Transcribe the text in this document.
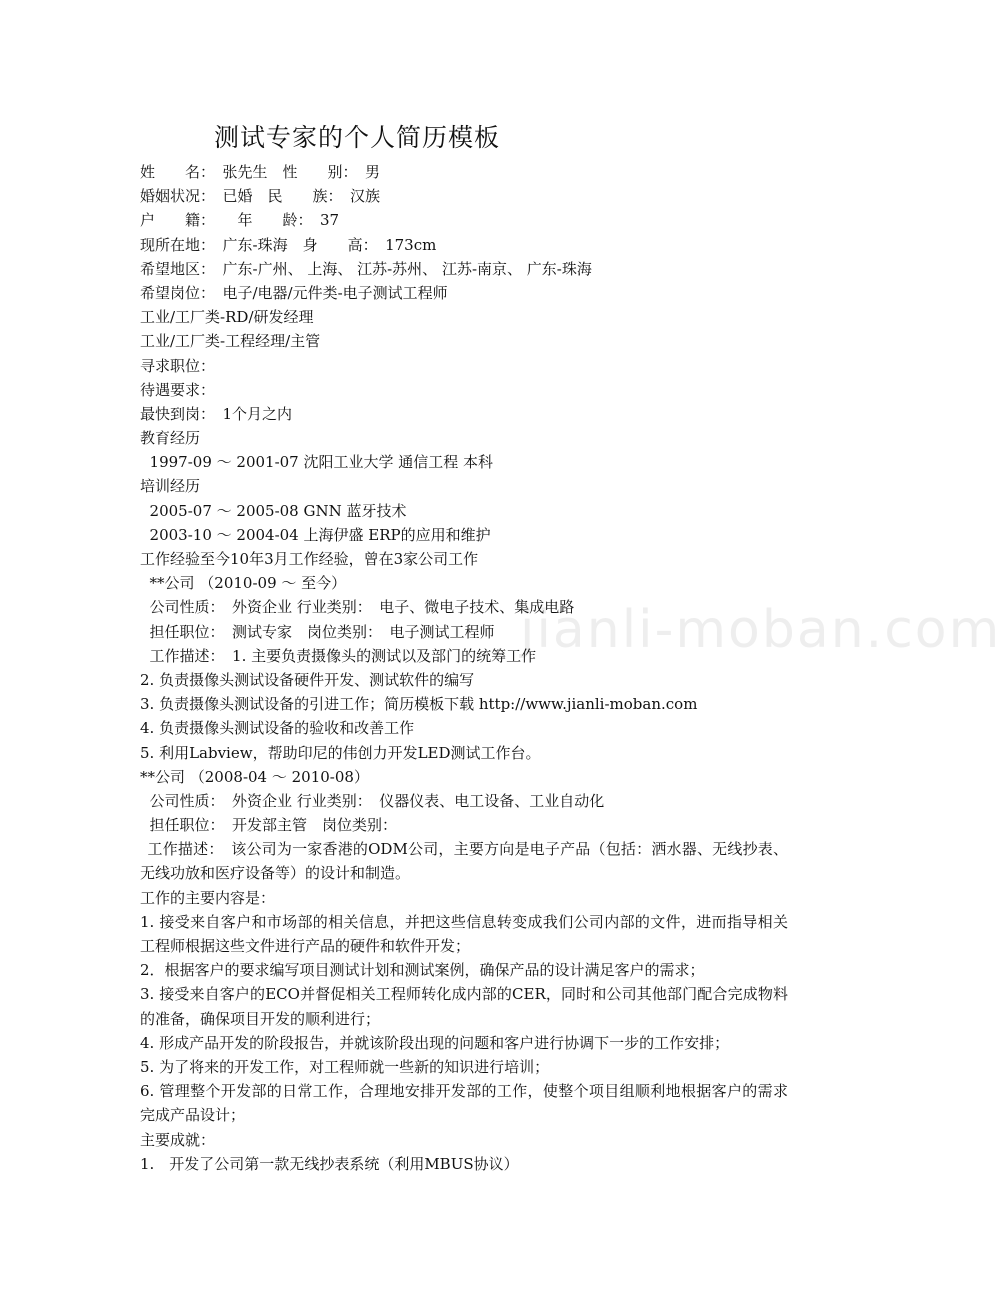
jianli-moban.com
测试专家的个人简历模板
姓　　名：　张先生　性　　别：　男
婚姻状况：　已婚　民　　族：　汉族
户　　籍：　　年　　龄：　37
现所在地：　广东-珠海　身　　高：　173cm
希望地区：　广东-广州、 上海、 江苏-苏州、 江苏-南京、 广东-珠海
希望岗位：　电子/电器/元件类-电子测试工程师
工业/工厂类-RD/研发经理
工业/工厂类-工程经理/主管
寻求职位：
待遇要求：
最快到岗：　1个月之内
教育经历
1997-09 ～ 2001-07 沈阳工业大学 通信工程 本科
培训经历
2005-07 ～ 2005-08 GNN 蓝牙技术
2003-10 ～ 2004-04 上海伊盛 ERP的应用和维护
工作经验至今10年3月工作经验，曾在3家公司工作
**公司 （2010-09 ～ 至今）
公司性质：　外资企业 行业类别：　电子、微电子技术、集成电路
担任职位：　测试专家　岗位类别：　电子测试工程师
工作描述：　1. 主要负责摄像头的测试以及部门的统筹工作
2. 负责摄像头测试设备硬件开发、测试软件的编写
3. 负责摄像头测试设备的引进工作；简历模板下载 http://www.jianli-moban.com
4. 负责摄像头测试设备的验收和改善工作
5. 利用Labview，帮助印尼的伟创力开发LED测试工作台。
**公司 （2008-04 ～ 2010-08）
公司性质：　外资企业 行业类别：　仪器仪表、电工设备、工业自动化
担任职位：　开发部主管　岗位类别：
工作描述：　该公司为一家香港的ODM公司，主要方向是电子产品（包括：洒水器、无线抄表、无线功放和医疗设备等）的设计和制造。
工作的主要内容是：
1. 接受来自客户和市场部的相关信息，并把这些信息转变成我们公司内部的文件，进而指导相关工程师根据这些文件进行产品的硬件和软件开发；
2．根据客户的要求编写项目测试计划和测试案例，确保产品的设计满足客户的需求；
3. 接受来自客户的ECO并督促相关工程师转化成内部的CER，同时和公司其他部门配合完成物料的准备，确保项目开发的顺利进行；
4. 形成产品开发的阶段报告，并就该阶段出现的问题和客户进行协调下一步的工作安排；
5. 为了将来的开发工作，对工程师就一些新的知识进行培训；
6. 管理整个开发部的日常工作，合理地安排开发部的工作，使整个项目组顺利地根据客户的需求完成产品设计；
主要成就：
1.　开发了公司第一款无线抄表系统（利用MBUS协议）
